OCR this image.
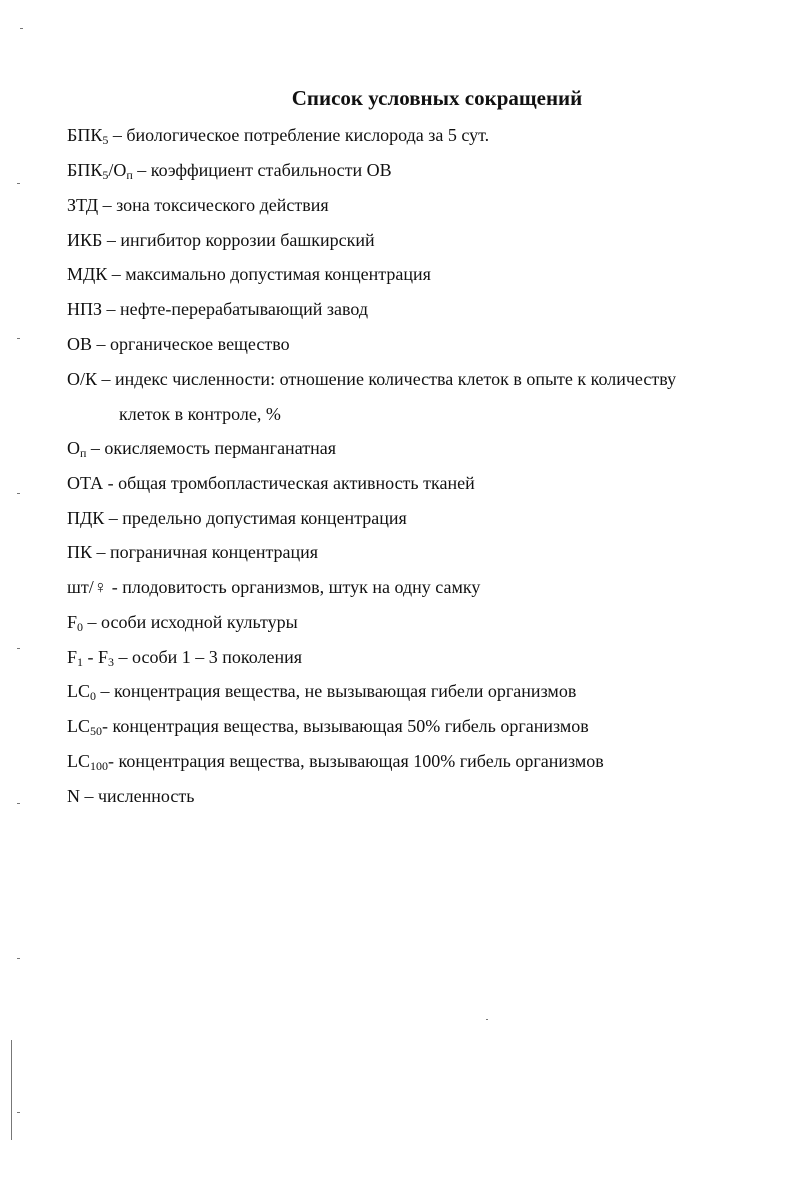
Список условных сокращений
$БПК_5$ – биологическое потребление кислорода за 5 сут.
$БПК_5/О_п$ – коэффициент стабильности ОВ
ЗТД – зона токсического действия
ИКБ – ингибитор коррозии башкирский
МДК – максимально допустимая концентрация
НПЗ – нефте-перерабатывающий завод
ОВ – органическое вещество
О/К – индекс численности: отношение количества клеток в опыте к количеству
клеток в контроле, %
$О_п$ – окисляемость перманганатная
ОТА - общая тромбопластическая активность тканей
ПДК – предельно допустимая концентрация
ПК – пограничная концентрация
шт/♀ - плодовитость организмов, штук на одну самку
$F_0$ – особи исходной культуры
$F_1 - F_3$ – особи 1 – 3 поколения
$LC_0$ – концентрация вещества, не вызывающая гибели организмов
$LC_{50}-$ концентрация вещества, вызывающая 50% гибель организмов
$LC_{100}-$ концентрация вещества, вызывающая 100% гибель организмов
N – численность
